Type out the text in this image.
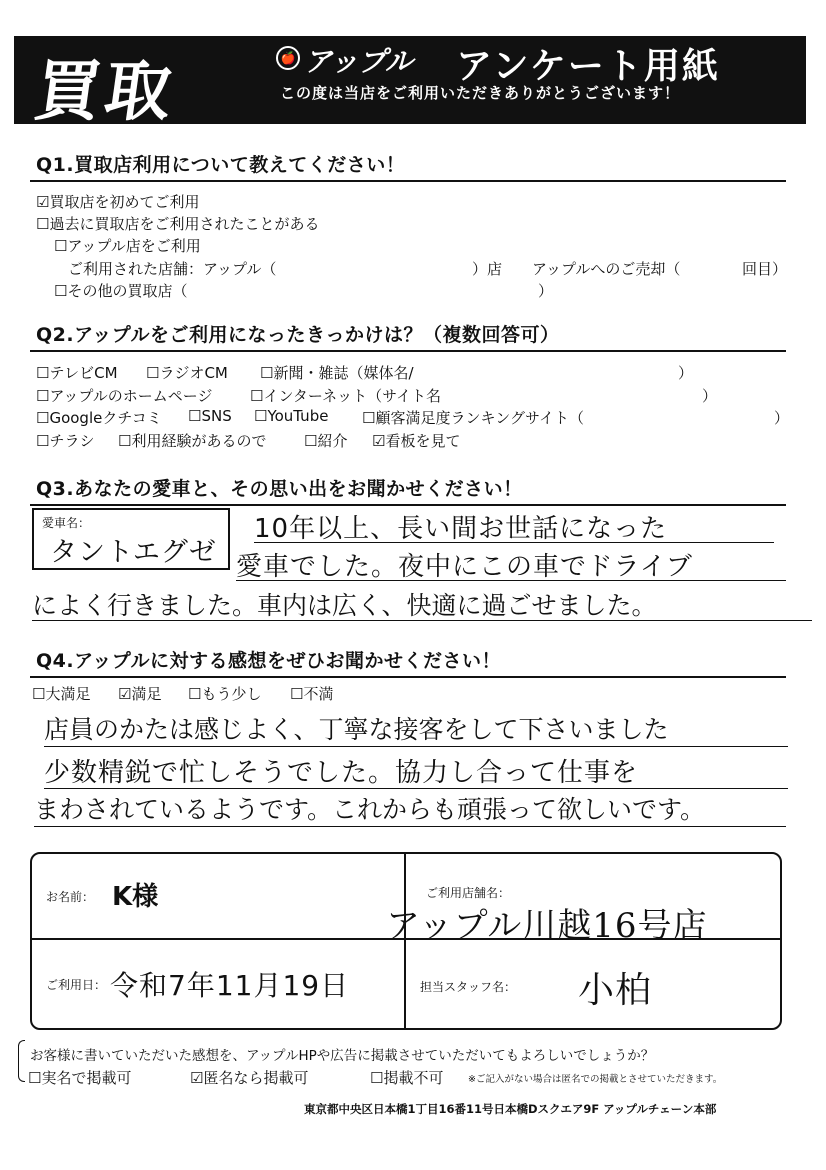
買取	🍎 アップル アンケート用紙
この度は当店をご利用いただきありがとうございます！
Q1.買取店利用について教えてください！
☑買取店を初めてご利用
☐過去に買取店をご利用されたことがある
☐アップル店をご利用
ご利用された店舗：アップル（	）店 アップルへのご売却（	回目）
☐その他の買取店（	）
Q2.アップルをご利用になったきっかけは？（複数回答可）
☐テレビCM ☐ラジオCM ☐新聞・雑誌（媒体名/	）
☐アップルのホームページ	☐インターネット（サイト名	）
☐Googleクチコミ ☐SNS ☐YouTube ☐顧客満足度ランキングサイト（	）
☐チラシ ☐利用経験があるので	☐紹介 ☑看板を見て
Q3.あなたの愛車と、その思い出をお聞かせください！
愛車名：
タントエグゼ
10年以上、長い間お世話になった
愛車でした。夜中にこの車でドライブ
によく行きました。車内は広く、快適に過ごせました。
Q4.アップルに対する感想をぜひお聞かせください！
☐大満足 ☑満足 ☐もう少し ☐不満
店員のかたは感じよく、丁寧な接客をして下さいました
少数精鋭で忙しそうでした。協力し合って仕事を
まわされているようです。これからも頑張って欲しいです。
お名前： K様	ご利用店舗名：
アップル川越16号店
ご利用日： 令和7年11月19日	担当スタッフ名： 小柏
お客様に書いていただいた感想を、アップルHPや広告に掲載させていただいてもよろしいでしょうか？
☐実名で掲載可	☑匿名なら掲載可	☐掲載不可	※ご記入がない場合は匿名での掲載とさせていただきます。
東京都中央区日本橋1丁目16番11号日本橋Dスクエア9F アップルチェーン本部
